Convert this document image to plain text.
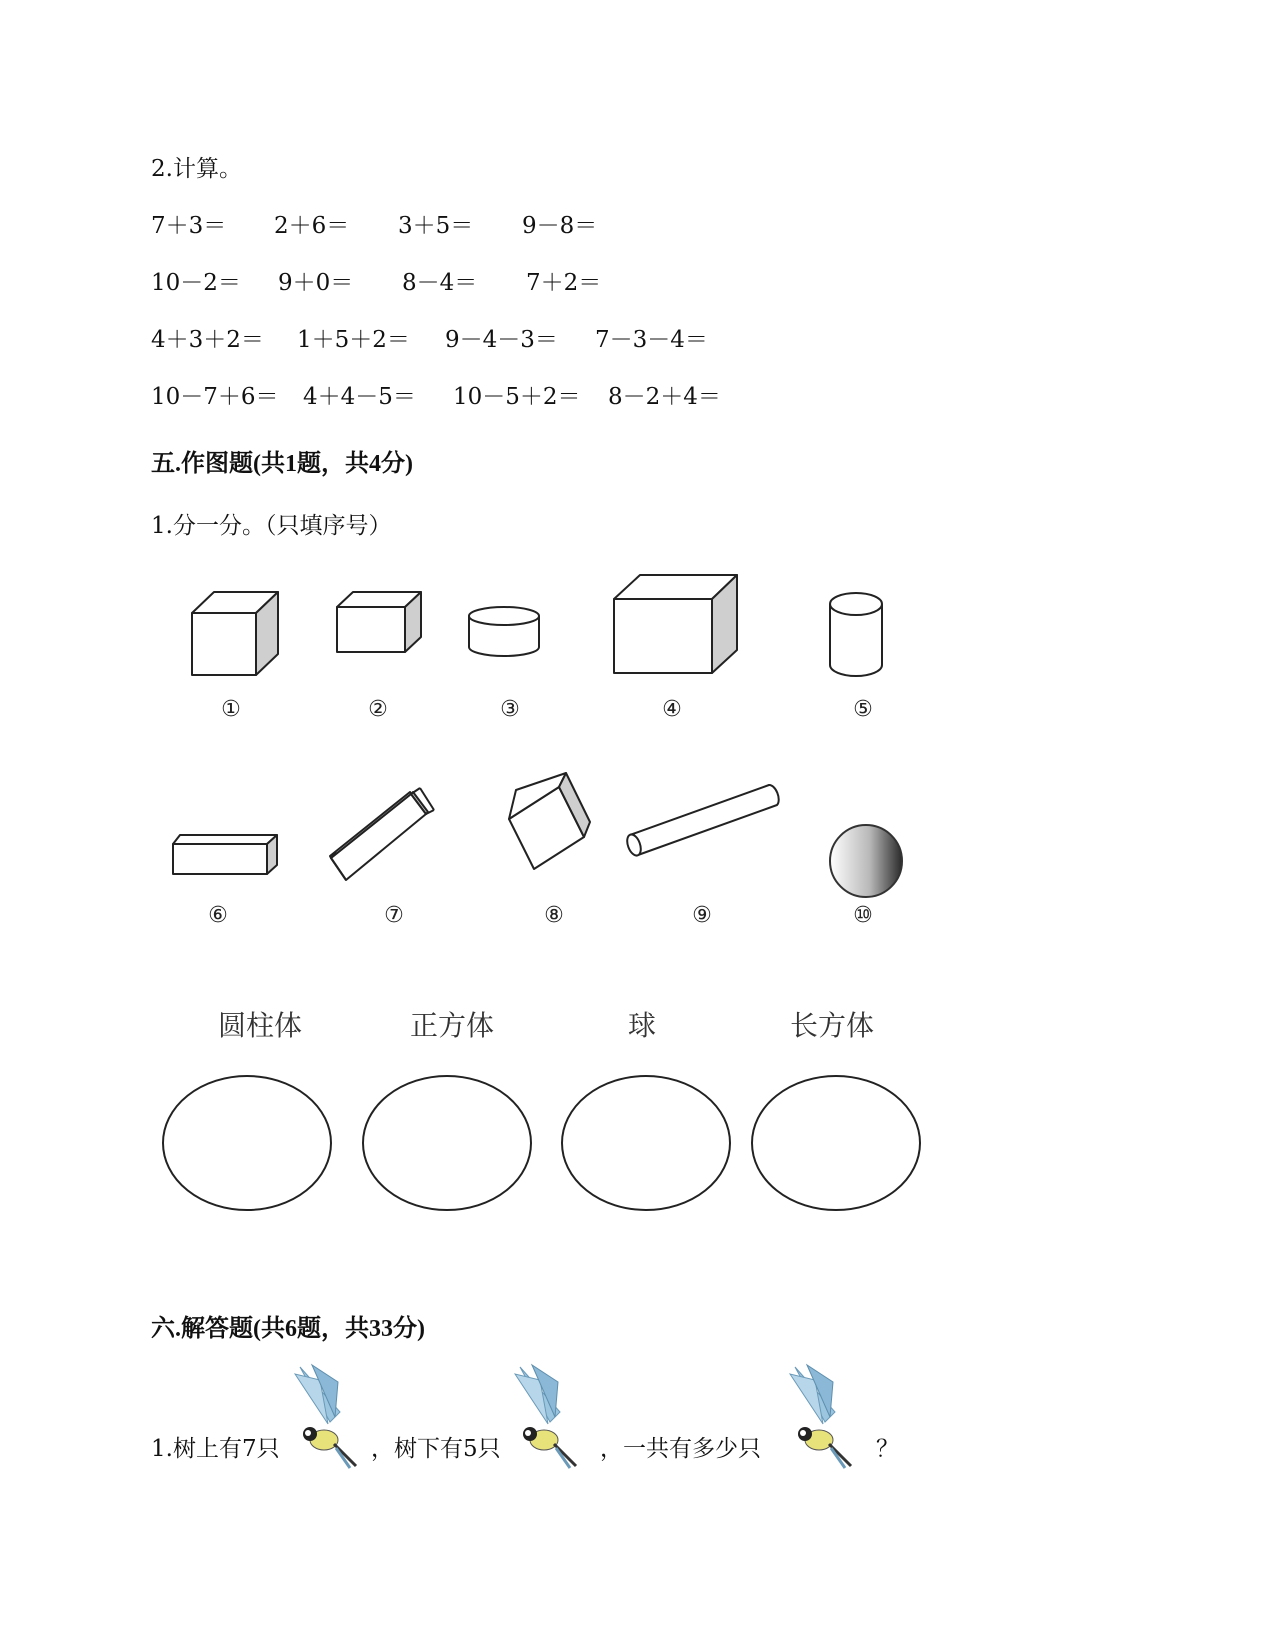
2.计算。
7＋3＝ 2＋6＝ 3＋5＝ 9－8＝
10－2＝ 9＋0＝ 8－4＝ 7＋2＝
4＋3＋2＝ 1＋5＋2＝ 9－4－3＝ 7－3－4＝
10－7＋6＝ 4＋4－5＝ 10－5＋2＝ 8－2＋4＝
五.作图题(共1题，共4分)
1.分一分。（只填序号）
①	②	③	④	⑤
⑥	⑦	⑧	⑨	⑩
圆柱体	正方体	球	长方体
六.解答题(共6题，共33分)
1.树上有7只	，树下有5只	，一共有多少只	？
